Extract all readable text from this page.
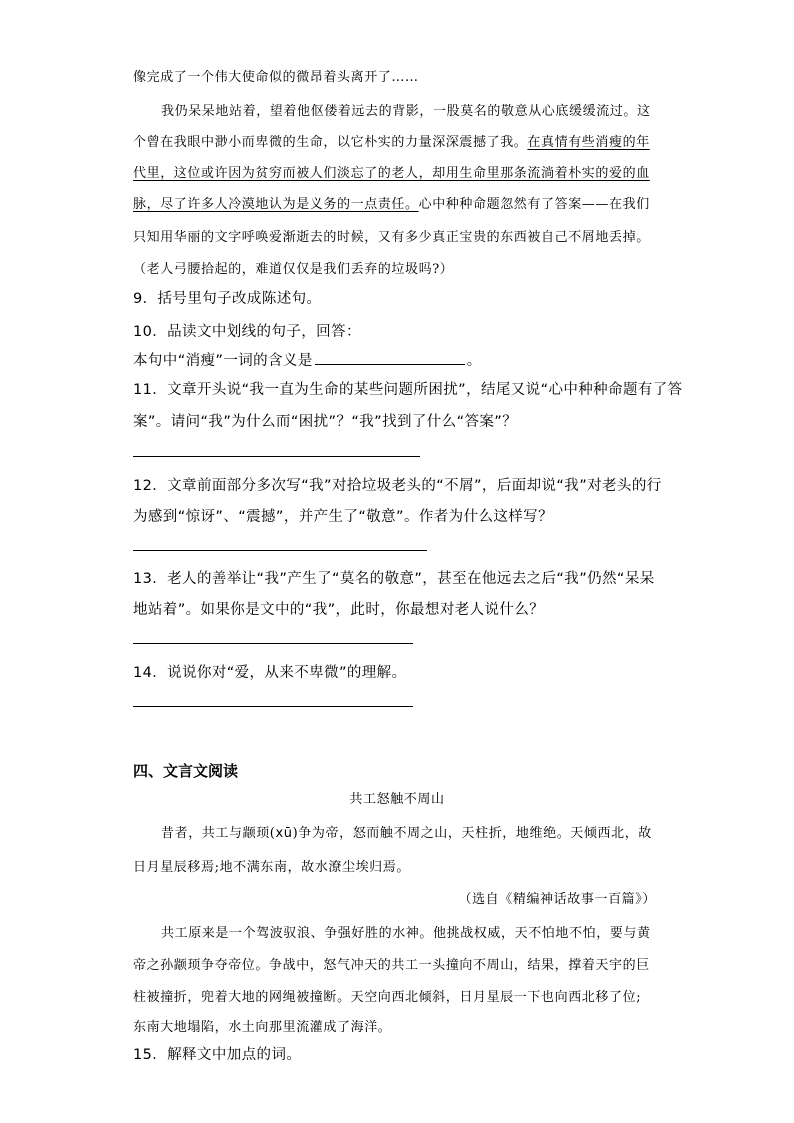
像完成了一个伟大使命似的微昂着头离开了……
我仍呆呆地站着，望着他伛偻着远去的背影，一股莫名的敬意从心底缓缓流过。这
个曾在我眼中渺小而卑微的生命，以它朴实的力量深深震撼了我。在真情有些消瘦的年
代里，这位或许因为贫穷而被人们淡忘了的老人，却用生命里那条流淌着朴实的爱的血
脉，尽了许多人冷漠地认为是义务的一点责任。心中种种命题忽然有了答案——在我们
只知用华丽的文字呼唤爱渐逝去的时候，又有多少真正宝贵的东西被自己不屑地丢掉。
（老人弓腰拾起的，难道仅仅是我们丢弃的垃圾吗?）
9．括号里句子改成陈述句。
10．品读文中划线的句子，回答：
本句中“消瘦”一词的含义是	。
11．文章开头说“我一直为生命的某些问题所困扰”，结尾又说“心中种种命题有了答
案”。请问“我”为什么而“困扰”？“我”找到了什么“答案”？
12．文章前面部分多次写“我”对拾垃圾老头的“不屑”，后面却说“我”对老头的行
为感到“惊讶”、“震撼”，并产生了“敬意”。作者为什么这样写？
13．老人的善举让“我”产生了“莫名的敬意”，甚至在他远去之后“我”仍然“呆呆
地站着”。如果你是文中的“我”，此时，你最想对老人说什么？
14．说说你对“爱，从来不卑微”的理解。
四、文言文阅读
共工怒触不周山
昔者，共工与颛顼(xū)争为帝，怒而触不周之山，天柱折，地维绝。天倾西北，故
日月星辰移焉;地不满东南，故水潦尘埃归焉。
（选自《精编神话故事一百篇》）
共工原来是一个驾波驭浪、争强好胜的水神。他挑战权威，天不怕地不怕，要与黄
帝之孙颛顼争夺帝位。争战中，怒气冲天的共工一头撞向不周山，结果，撑着天宇的巨
柱被撞折，兜着大地的网绳被撞断。天空向西北倾斜，日月星辰一下也向西北移了位;
东南大地塌陷，水土向那里流灌成了海洋。
15．解释文中加点的词。
